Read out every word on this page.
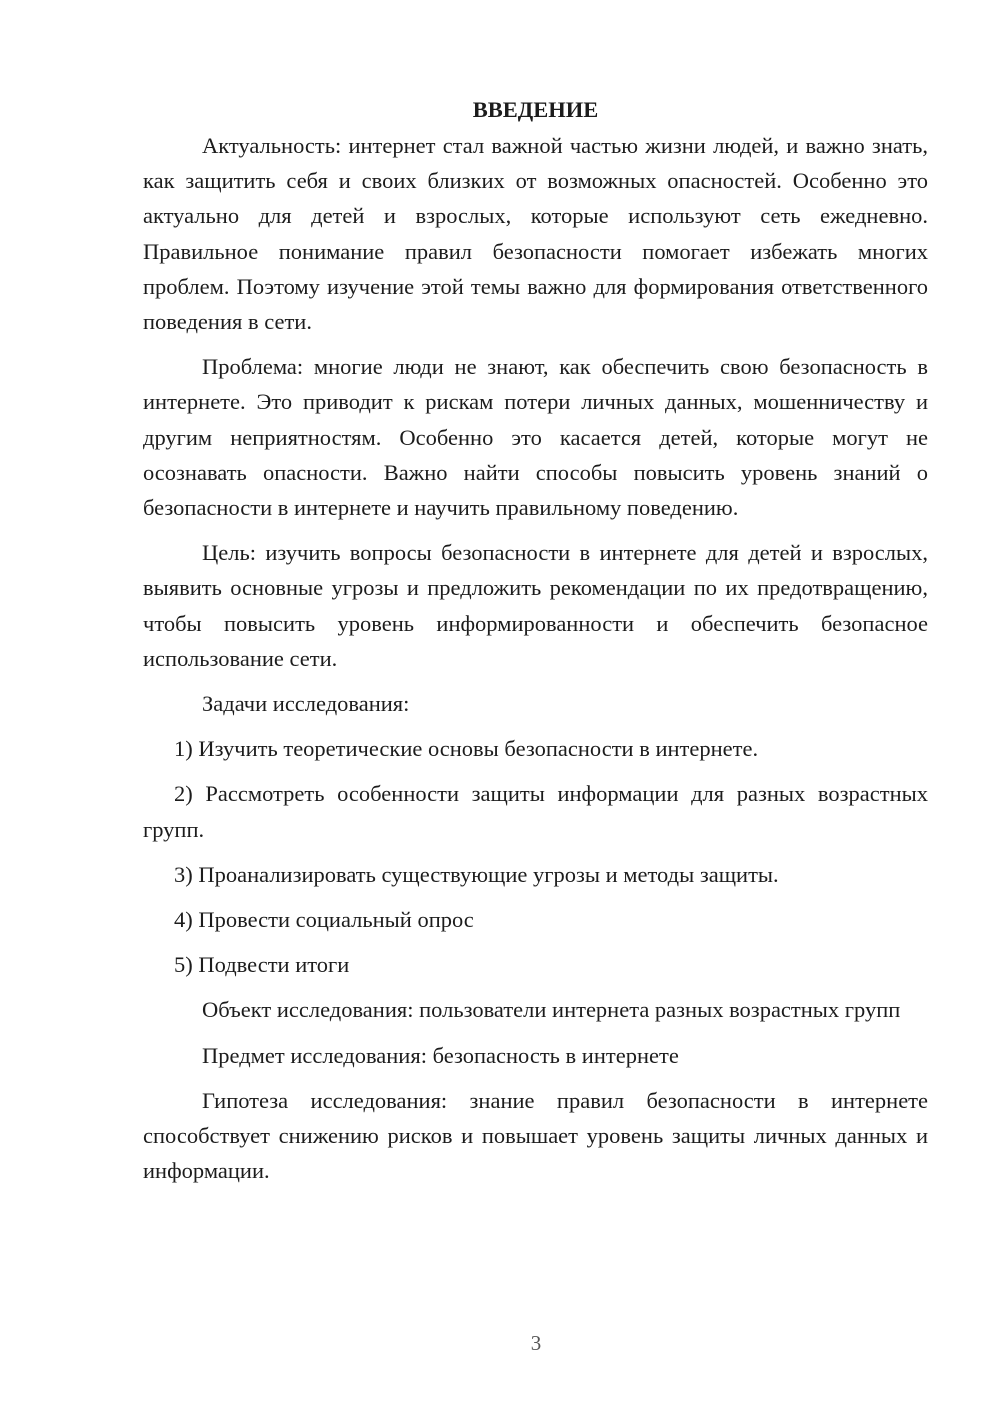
ВВЕДЕНИЕ

Актуальность: интернет стал важной частью жизни людей, и важно знать, как защитить себя и своих близких от возможных опасностей. Особенно это актуально для детей и взрослых, которые используют сеть ежедневно. Правильное понимание правил безопасности помогает избежать многих проблем. Поэтому изучение этой темы важно для формирования ответственного поведения в сети.

Проблема: многие люди не знают, как обеспечить свою безопасность в интернете. Это приводит к рискам потери личных данных, мошенничеству и другим неприятностям. Особенно это касается детей, которые могут не осознавать опасности. Важно найти способы повысить уровень знаний о безопасности в интернете и научить правильному поведению.

Цель: изучить вопросы безопасности в интернете для детей и взрослых, выявить основные угрозы и предложить рекомендации по их предотвращению, чтобы повысить уровень информированности и обеспечить безопасное использование сети.

Задачи исследования:

1) Изучить теоретические основы безопасности в интернете.

2) Рассмотреть особенности защиты информации для разных возрастных групп.

3) Проанализировать существующие угрозы и методы защиты.

4) Провести социальный опрос

5) Подвести итоги

Объект исследования: пользователи интернета разных возрастных групп

Предмет исследования: безопасность в интернете

Гипотеза исследования: знание правил безопасности в интернете способствует снижению рисков и повышает уровень защиты личных данных и информации.

3
